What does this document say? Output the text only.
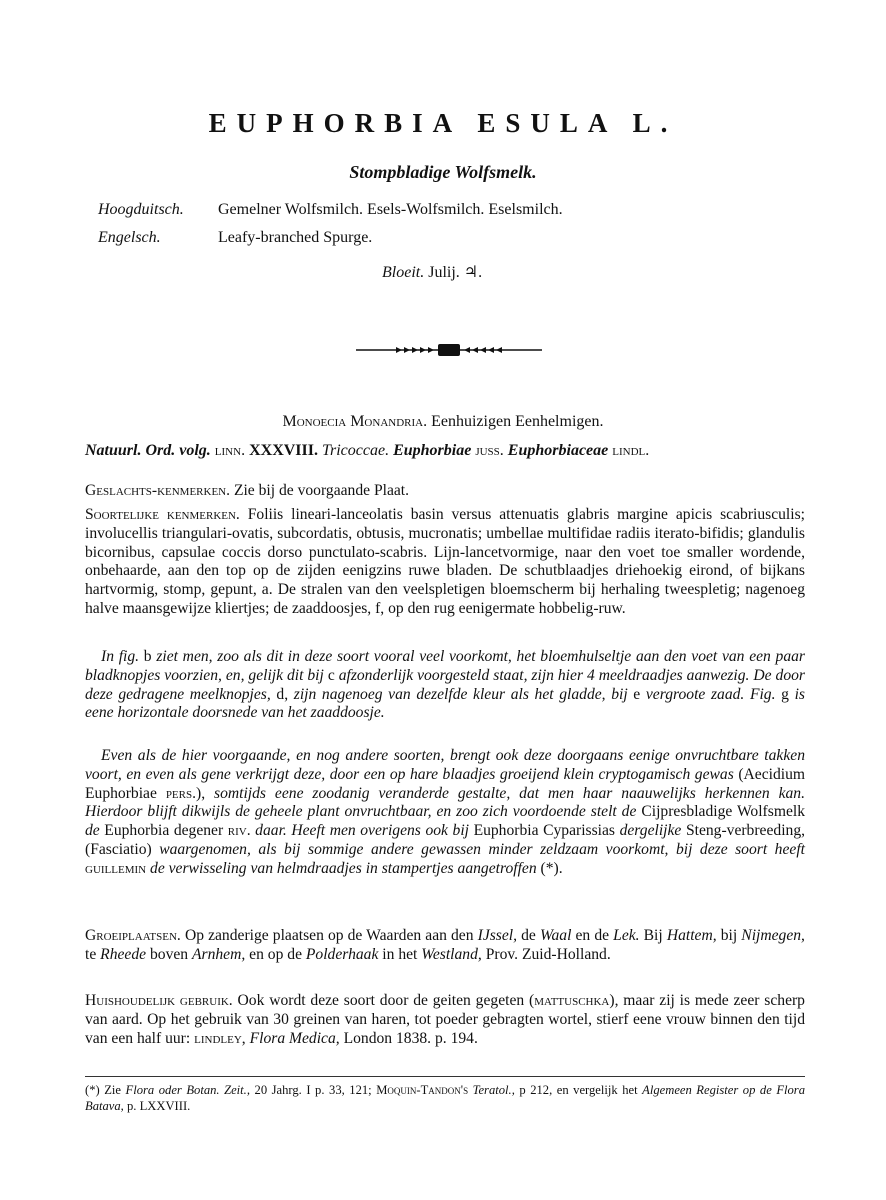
EUPHORBIA ESULA L.
Stompbladige Wolfsmelk.
Hoogduitsch.	Gemelner Wolfsmilch. Esels-Wolfsmilch. Eselsmilch.
Engelsch.	Leafy-branched Spurge.
Bloeit. Julij. ♃.
Monoecia Monandria. Eenhuizigen Eenhelmigen.
Natuurl. Ord. volg. linn. XXXVIII. Tricoccae. Euphorbiae juss. Euphorbiaceae lindl.
Geslachts-kenmerken. Zie bij de voorgaande Plaat.
Soortelijke kenmerken. Foliis lineari-lanceolatis basin versus attenuatis glabris margine apicis scabriusculis; involucellis triangulari-ovatis, subcordatis, obtusis, mucronatis; umbellae multifidae radiis iterato-bifidis; glandulis bicornibus, capsulae coccis dorso punctulato-scabris. Lijn-lancetvormige, naar den voet toe smaller wordende, onbehaarde, aan den top op de zijden eenigzins ruwe bladen. De schutblaadjes driehoekig eirond, of bijkans hartvormig, stomp, gepunt, a. De stralen van den veelspletigen bloemscherm bij herhaling tweespletig; nagenoeg halve maansgewijze kliertjes; de zaaddoosjes, f, op den rug eenigermate hobbelig-ruw.
In fig. b ziet men, zoo als dit in deze soort vooral veel voorkomt, het bloemhulseltje aan den voet van een paar bladknopjes voorzien, en, gelijk dit bij c afzonderlijk voorgesteld staat, zijn hier 4 meeldraadjes aanwezig. De door deze gedragene meelknopjes, d, zijn nagenoeg van dezelfde kleur als het gladde, bij e vergroote zaad. Fig. g is eene horizontale doorsnede van het zaaddoosje.
Even als de hier voorgaande, en nog andere soorten, brengt ook deze doorgaans eenige onvruchtbare takken voort, en even als gene verkrijgt deze, door een op hare blaadjes groeijend klein cryptogamisch gewas (Aecidium Euphorbiae pers.), somtijds eene zoodanig veranderde gestalte, dat men haar naauwelijks herkennen kan. Hierdoor blijft dikwijls de geheele plant onvruchtbaar, en zoo zich voordoende stelt de Cijpresbladige Wolfsmelk de Euphorbia degener riv. daar. Heeft men overigens ook bij Euphorbia Cyparissias dergelijke Steng-verbreeding, (Fasciatio) waargenomen, als bij sommige andere gewassen minder zeldzaam voorkomt, bij deze soort heeft guillemin de verwisseling van helmdraadjes in stampertjes aangetroffen (*).
Groeiplaatsen. Op zanderige plaatsen op de Waarden aan den IJssel, de Waal en de Lek. Bij Hattem, bij Nijmegen, te Rheede boven Arnhem, en op de Polderhaak in het Westland, Prov. Zuid-Holland.
Huishoudelijk gebruik. Ook wordt deze soort door de geiten gegeten (mattuschka), maar zij is mede zeer scherp van aard. Op het gebruik van 30 greinen van haren, tot poeder gebragten wortel, stierf eene vrouw binnen den tijd van een half uur: lindley, Flora Medica, London 1838. p. 194.
(*) Zie Flora oder Botan. Zeit., 20 Jahrg. I p. 33, 121; Moquin-Tandon's Teratol., p 212, en vergelijk het Algemeen Register op de Flora Batava, p. LXXVIII.
